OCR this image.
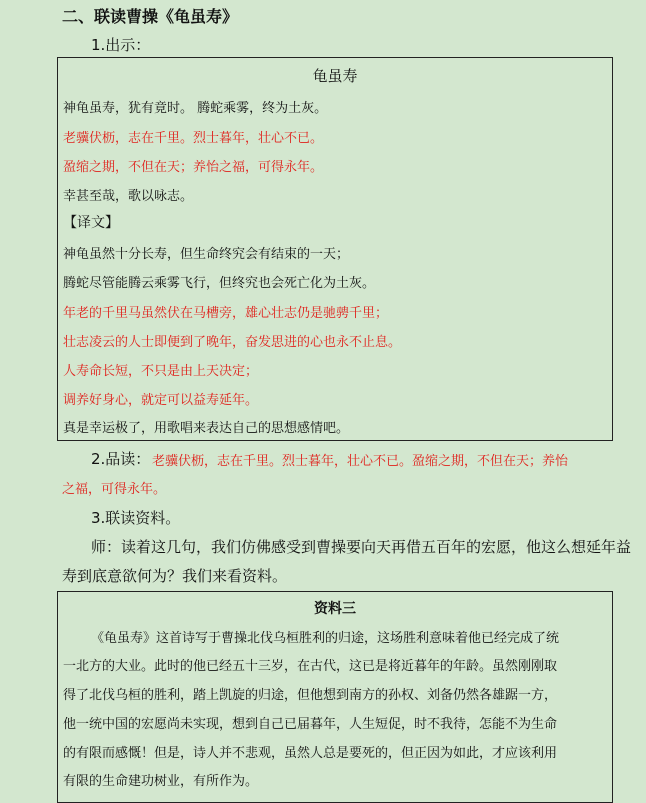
二、联读曹操《龟虽寿》
1.出示：
龟虽寿
神龟虽寿，犹有竟时。 腾蛇乘雾，终为土灰。
老骥伏枥，志在千里。烈士暮年，壮心不已。
盈缩之期，不但在天；养怡之福，可得永年。
幸甚至哉，歌以咏志。
【译文】
神龟虽然十分长寿，但生命终究会有结束的一天；
腾蛇尽管能腾云乘雾飞行，但终究也会死亡化为土灰。
年老的千里马虽然伏在马槽旁，雄心壮志仍是驰骋千里；
壮志凌云的人士即便到了晚年，奋发思进的心也永不止息。
人寿命长短，不只是由上天决定；
调养好身心，就定可以益寿延年。
真是幸运极了，用歌唱来表达自己的思想感情吧。
2.品读： 老骥伏枥，志在千里。烈士暮年，壮心不已。盈缩之期，不但在天；养怡
之福，可得永年。
3.联读资料。
师：读着这几句，我们仿佛感受到曹操要向天再借五百年的宏愿，他这么想延年益
寿到底意欲何为？我们来看资料。
资料三
《龟虽寿》这首诗写于曹操北伐乌桓胜利的归途，这场胜利意味着他已经完成了统
一北方的大业。此时的他已经五十三岁，在古代，这已是将近暮年的年龄。虽然刚刚取
得了北伐乌桓的胜利，踏上凯旋的归途，但他想到南方的孙权、刘备仍然各雄踞一方，
他一统中国的宏愿尚未实现，想到自己已届暮年，人生短促，时不我待，怎能不为生命
的有限而感慨！但是，诗人并不悲观，虽然人总是要死的，但正因为如此，才应该利用
有限的生命建功树业，有所作为。
